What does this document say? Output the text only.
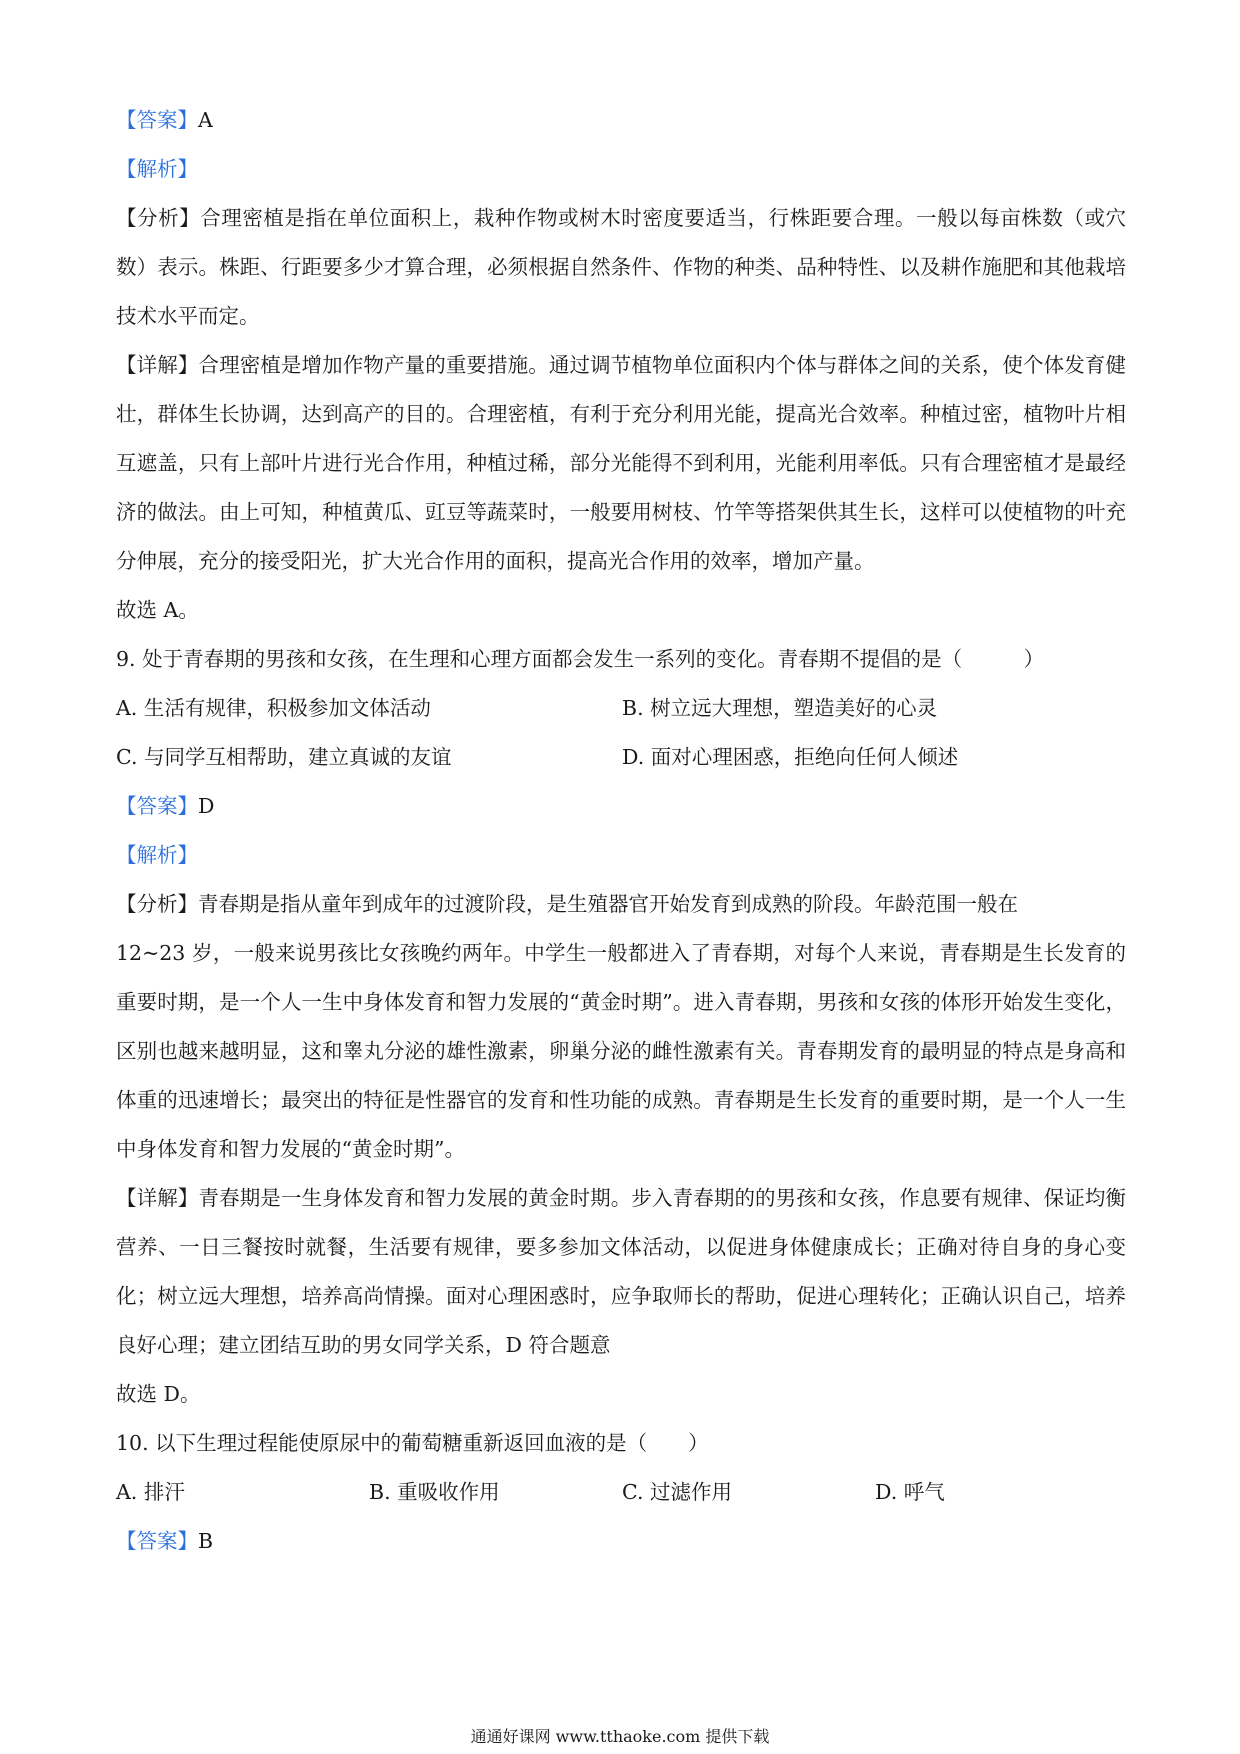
【答案】A
【解析】
【分析】合理密植是指在单位面积上，栽种作物或树木时密度要适当，行株距要合理。一般以每亩株数（或穴数）表示。株距、行距要多少才算合理，必须根据自然条件、作物的种类、品种特性、以及耕作施肥和其他栽培技术水平而定。
【详解】合理密植是增加作物产量的重要措施。通过调节植物单位面积内个体与群体之间的关系，使个体发育健壮，群体生长协调，达到高产的目的。合理密植，有利于充分利用光能，提高光合效率。种植过密，植物叶片相互遮盖，只有上部叶片进行光合作用，种植过稀，部分光能得不到利用，光能利用率低。只有合理密植才是最经济的做法。由上可知，种植黄瓜、豇豆等蔬菜时，一般要用树枝、竹竿等搭架供其生长，这样可以使植物的叶充分伸展，充分的接受阳光，扩大光合作用的面积，提高光合作用的效率，增加产量。
故选 A。
9. 处于青春期的男孩和女孩，在生理和心理方面都会发生一系列的变化。青春期不提倡的是（　　　）
A. 生活有规律，积极参加文体活动	B. 树立远大理想，塑造美好的心灵
C. 与同学互相帮助，建立真诚的友谊	D. 面对心理困惑，拒绝向任何人倾述
【答案】D
【解析】
【分析】青春期是指从童年到成年的过渡阶段，是生殖器官开始发育到成熟的阶段。年龄范围一般在
12~23 岁，一般来说男孩比女孩晚约两年。中学生一般都进入了青春期，对每个人来说，青春期是生长发育的重要时期，是一个人一生中身体发育和智力发展的“黄金时期”。进入青春期，男孩和女孩的体形开始发生变化，区别也越来越明显，这和睾丸分泌的雄性激素，卵巢分泌的雌性激素有关。青春期发育的最明显的特点是身高和体重的迅速增长；最突出的特征是性器官的发育和性功能的成熟。青春期是生长发育的重要时期，是一个人一生中身体发育和智力发展的“黄金时期”。
【详解】青春期是一生身体发育和智力发展的黄金时期。步入青春期的的男孩和女孩，作息要有规律、保证均衡营养、一日三餐按时就餐，生活要有规律，要多参加文体活动，以促进身体健康成长；正确对待自身的身心变化；树立远大理想，培养高尚情操。面对心理困惑时，应争取师长的帮助，促进心理转化；正确认识自己，培养良好心理；建立团结互助的男女同学关系，D 符合题意
故选 D。
10. 以下生理过程能使原尿中的葡萄糖重新返回血液的是（　　）
A. 排汗	B. 重吸收作用	C. 过滤作用	D. 呼气
【答案】B
通通好课网 www.tthaoke.com 提供下载
